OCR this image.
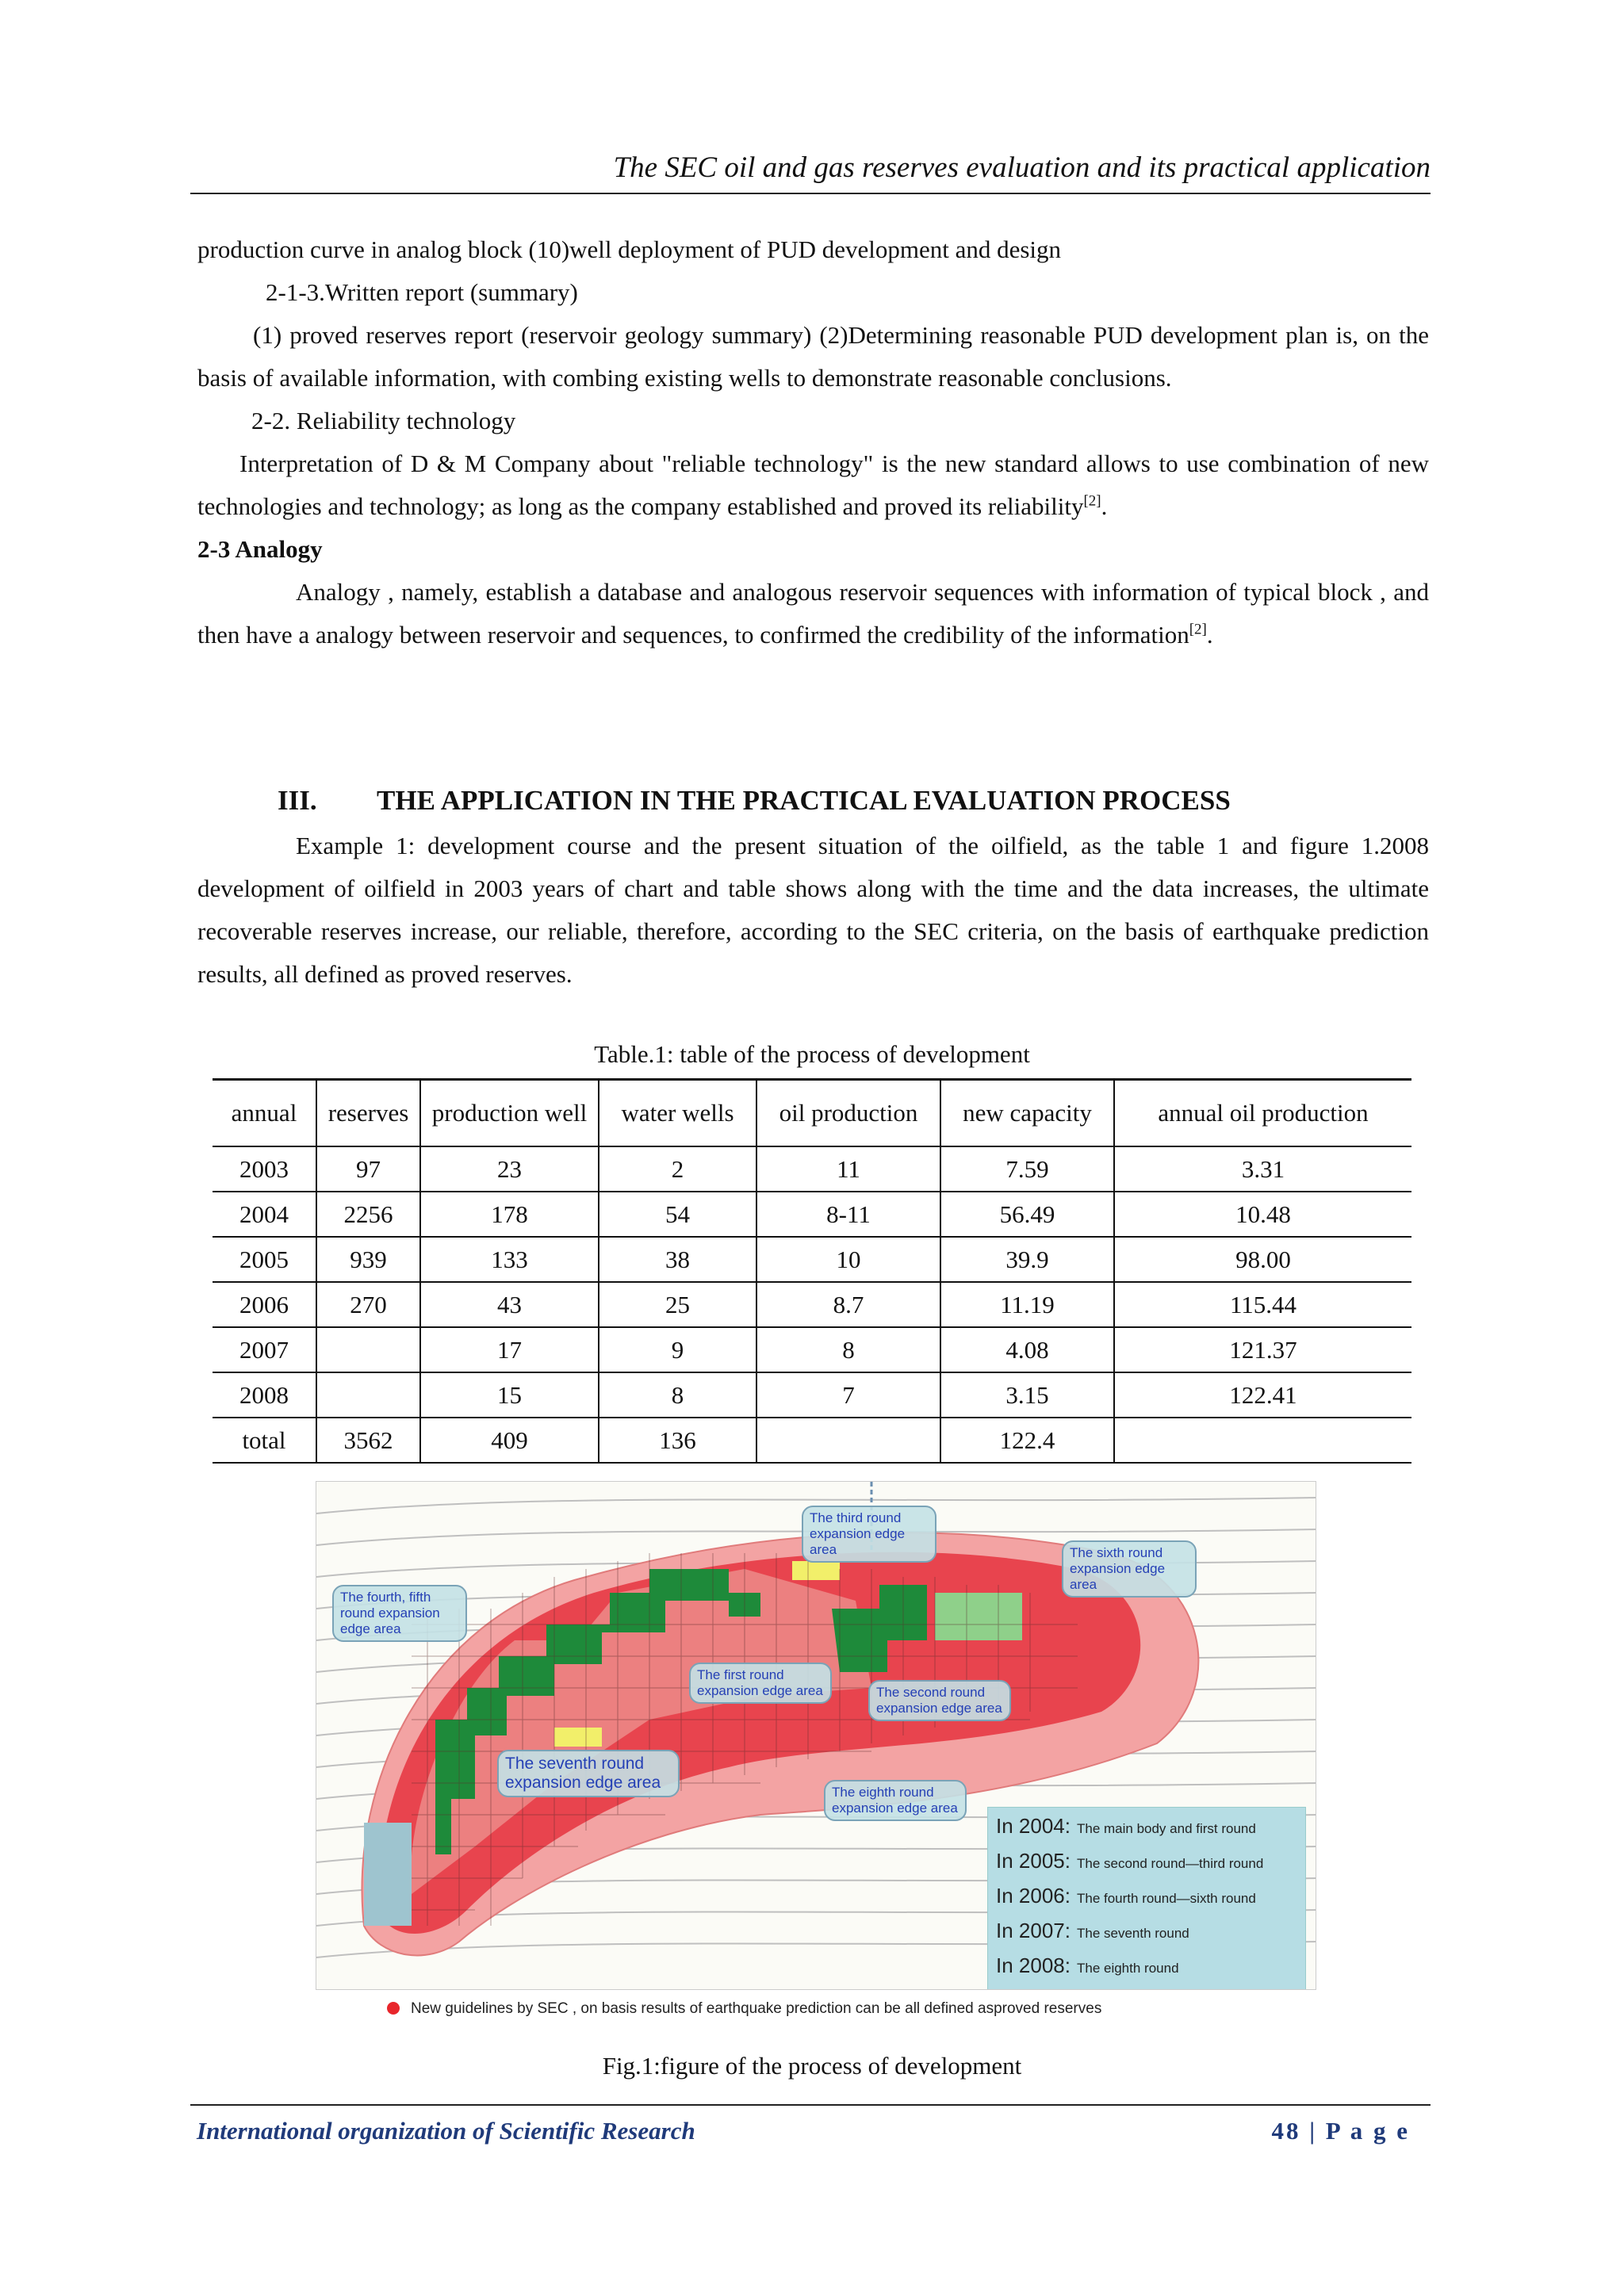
The SEC oil and gas reserves evaluation and its practical application

production curve in analog block (10)well deployment of PUD development and design

2-1-3.Written report (summary)

(1) proved reserves report (reservoir geology summary) (2)Determining reasonable PUD development plan is, on the basis of available information, with combing existing wells to demonstrate reasonable conclusions.

2-2. Reliability technology

Interpretation of D & M Company about "reliable technology" is the new standard allows to use combination of new technologies and technology; as long as the company established and proved its reliability[2].

2-3 Analogy

Analogy , namely, establish a database and analogous reservoir sequences with information of typical block , and then have a analogy between reservoir and sequences, to confirmed the credibility of the information[2].

III. THE APPLICATION IN THE PRACTICAL EVALUATION PROCESS

Example 1: development course and the present situation of the oilfield, as the table 1 and figure 1.2008 development of oilfield in 2003 years of chart and table shows along with the time and the data increases, the ultimate recoverable reserves increase, our reliable, therefore, according to the SEC criteria, on the basis of earthquake prediction results, all defined as proved reserves.

Table.1: table of the process of development
annual	reserves	production well	water wells	oil production	new capacity	annual oil production
2003	97	23	2	11	7.59	3.31
2004	2256	178	54	8-11	56.49	10.48
2005	939	133	38	10	39.9	98.00
2006	270	43	25	8.7	11.19	115.44
2007		17	9	8	4.08	121.37
2008		15	8	7	3.15	122.41
total	3562	409	136		122.4	
The third round expansion edge area	The sixth round expansion edge area
The fourth, fifth round expansion edge area
The first round expansion edge area	The second round expansion edge area
The seventh round expansion edge area
The eighth round expansion edge area
In 2004: The main body and first round
In 2005: The second round—third round
In 2006: The fourth round—sixth round
In 2007: The seventh round
In 2008: The eighth round
New guidelines by SEC , on basis results of earthquake prediction can be all defined asproved reserves
Fig.1:figure of the process of development
International organization of Scientific Research	48 | P a g e
